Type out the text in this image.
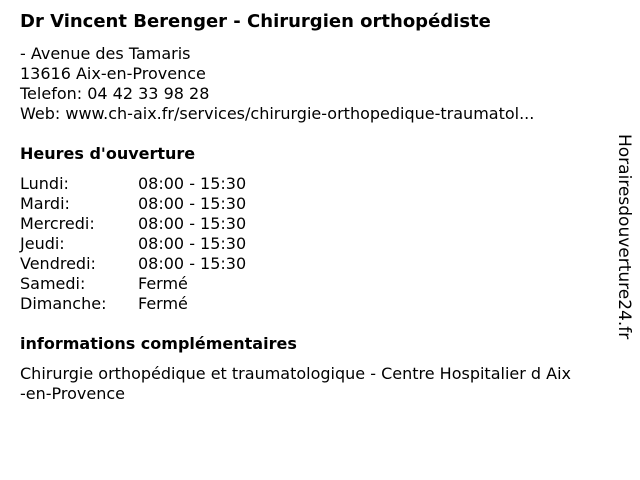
Dr Vincent Berenger - Chirurgien orthopédiste
- Avenue des Tamaris
13616 Aix-en-Provence
Telefon: 04 42 33 98 28
Web: www.ch-aix.fr/services/chirurgie-orthopedique-traumatol...
Heures d'ouverture
Lundi:	08:00 - 15:30
Mardi:	08:00 - 15:30
Mercredi:	08:00 - 15:30
Jeudi:	08:00 - 15:30
Vendredi:	08:00 - 15:30
Samedi:	Fermé
Dimanche: Fermé
informations complémentaires
Chirurgie orthopédique et traumatologique - Centre Hospitalier d Aix
-en-Provence
Horairesdouverture24.fr
